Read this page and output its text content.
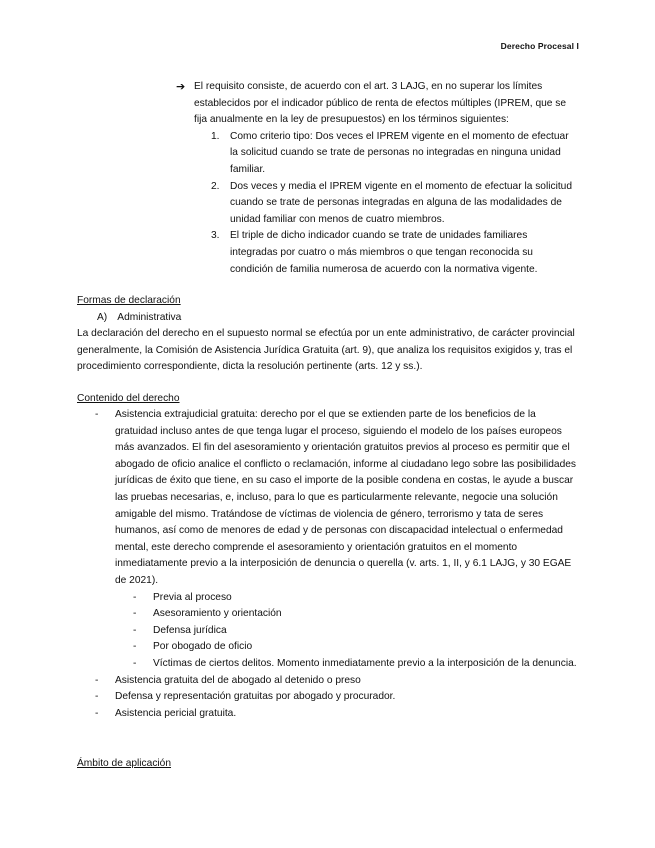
Derecho Procesal I
➔ El requisito consiste, de acuerdo con el art. 3 LAJG, en no superar los límites establecidos por el indicador público de renta de efectos múltiples (IPREM, que se fija anualmente en la ley de presupuestos) en los términos siguientes:

1. Como criterio tipo: Dos veces el IPREM vigente en el momento de efectuar la solicitud cuando se trate de personas no integradas en ninguna unidad familiar.
2. Dos veces y media el IPREM vigente en el momento de efectuar la solicitud cuando se trate de personas integradas en alguna de las modalidades de unidad familiar con menos de cuatro miembros.
3. El triple de dicho indicador cuando se trate de unidades familiares integradas por cuatro o más miembros o que tengan reconocida su condición de familia numerosa de acuerdo con la normativa vigente.
Formas de declaración
A) Administrativa

La declaración del derecho en el supuesto normal se efectúa por un ente administrativo, de carácter provincial generalmente, la Comisión de Asistencia Jurídica Gratuita (art. 9), que analiza los requisitos exigidos y, tras el procedimiento correspondiente, dicta la resolución pertinente (arts. 12 y ss.).

Contenido del derecho
- Asistencia extrajudicial gratuita: derecho por el que se extienden parte de los beneficios de la gratuidad incluso antes de que tenga lugar el proceso, siguiendo el modelo de los países europeos más avanzados. El fin del asesoramiento y orientación gratuitos previos al proceso es permitir que el abogado de oficio analice el conflicto o reclamación, informe al ciudadano lego sobre las posibilidades jurídicas de éxito que tiene, en su caso el importe de la posible condena en costas, le ayude a buscar las pruebas necesarias, e, incluso, para lo que es particularmente relevante, negocie una solución amigable del mismo. Tratándose de víctimas de violencia de género, terrorismo y tata de seres humanos, así como de menores de edad y de personas con discapacidad intelectual o enfermedad mental, este derecho comprende el asesoramiento y orientación gratuitos en el momento inmediatamente previo a la interposición de denuncia o querella (v. arts. 1, II, y 6.1 LAJG, y 30 EGAE de 2021).
- Previa al proceso
- Asesoramiento y orientación
- Defensa jurídica
- Por obogado de oficio
- Víctimas de ciertos delitos. Momento inmediatamente previo a la interposición de la denuncia.
- Asistencia gratuita del de abogado al detenido o preso
- Defensa y representación gratuitas por abogado y procurador.
- Asistencia pericial gratuita.
Ámbito de aplicación
